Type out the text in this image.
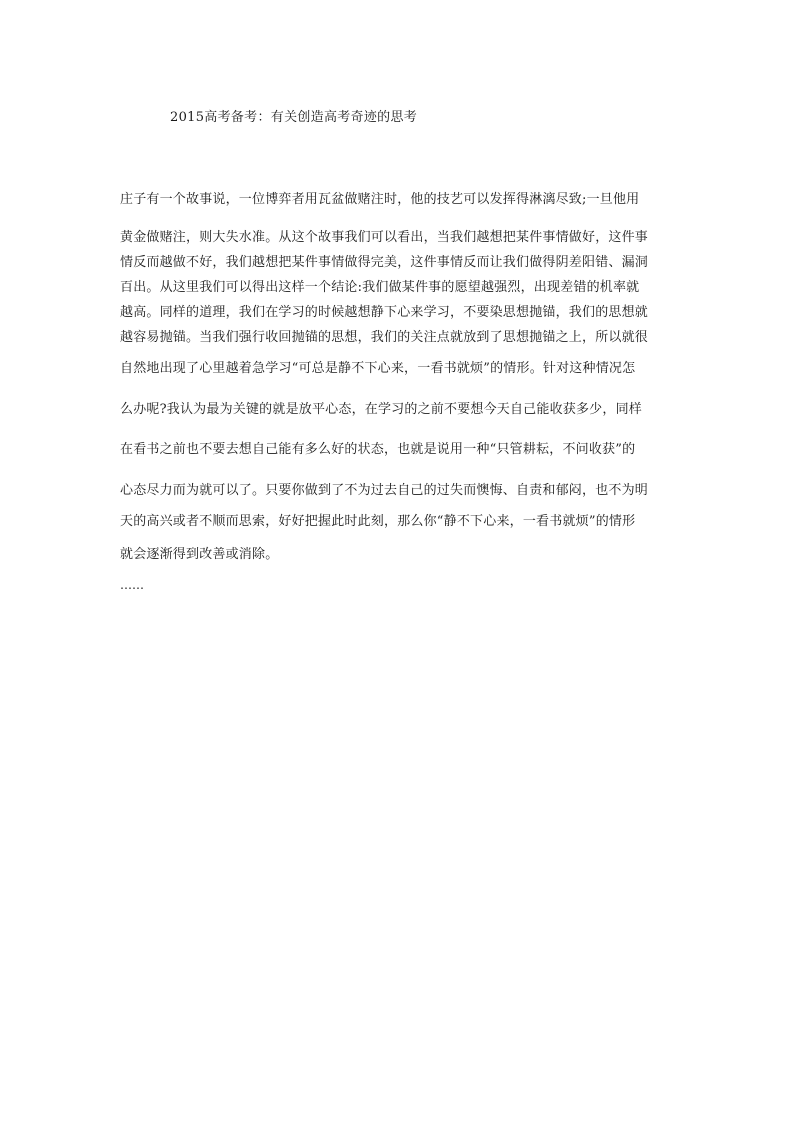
2015高考备考：有关创造高考奇迹的思考
庄子有一个故事说，一位博弈者用瓦盆做赌注时，他的技艺可以发挥得淋漓尽致;一旦他用
黄金做赌注，则大失水准。从这个故事我们可以看出，当我们越想把某件事情做好，这件事
情反而越做不好，我们越想把某件事情做得完美，这件事情反而让我们做得阴差阳错、漏洞
百出。从这里我们可以得出这样一个结论:我们做某件事的愿望越强烈，出现差错的机率就
越高。同样的道理，我们在学习的时候越想静下心来学习，不要染思想抛锚，我们的思想就
越容易抛锚。当我们强行收回抛锚的思想，我们的关注点就放到了思想抛锚之上，所以就很
自然地出现了心里越着急学习“可总是静不下心来，一看书就烦”的情形。针对这种情况怎
么办呢?我认为最为关键的就是放平心态，在学习的之前不要想今天自己能收获多少，同样
在看书之前也不要去想自己能有多么好的状态，也就是说用一种“只管耕耘，不问收获”的
心态尽力而为就可以了。只要你做到了不为过去自己的过失而懊悔、自责和郁闷，也不为明
天的高兴或者不顺而思索，好好把握此时此刻，那么你“静不下心来，一看书就烦”的情形
就会逐渐得到改善或消除。
……
